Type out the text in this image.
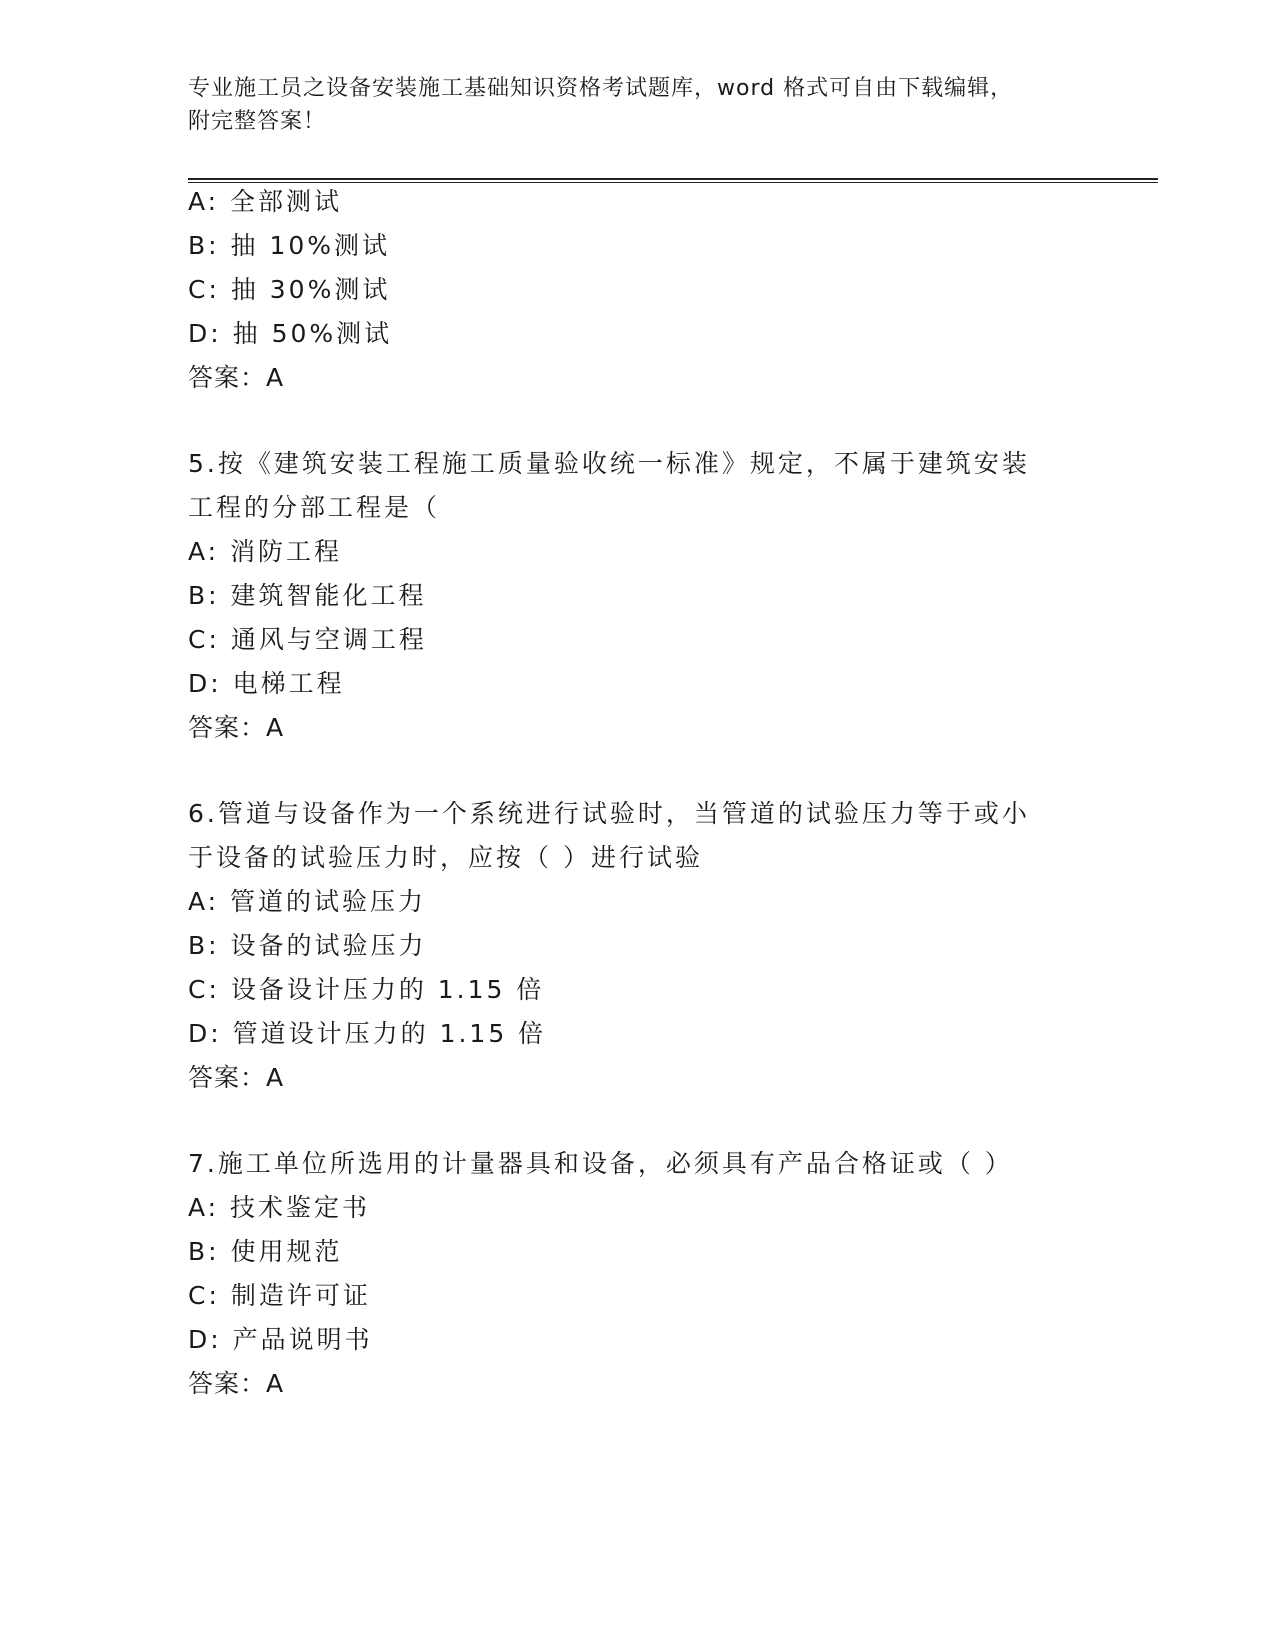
专业施工员之设备安装施工基础知识资格考试题库，word 格式可自由下载编辑，
附完整答案！
A: 全部测试
B: 抽 10%测试
C: 抽 30%测试
D: 抽 50%测试
答案：A
5.按《建筑安装工程施工质量验收统一标准》规定，不属于建筑安装
工程的分部工程是（
A: 消防工程
B: 建筑智能化工程
C: 通风与空调工程
D: 电梯工程
答案：A
6.管道与设备作为一个系统进行试验时，当管道的试验压力等于或小
于设备的试验压力时，应按（ ）进行试验
A: 管道的试验压力
B: 设备的试验压力
C: 设备设计压力的 1.15 倍
D: 管道设计压力的 1.15 倍
答案：A
7.施工单位所选用的计量器具和设备，必须具有产品合格证或（ ）
A: 技术鉴定书
B: 使用规范
C: 制造许可证
D: 产品说明书
答案：A
